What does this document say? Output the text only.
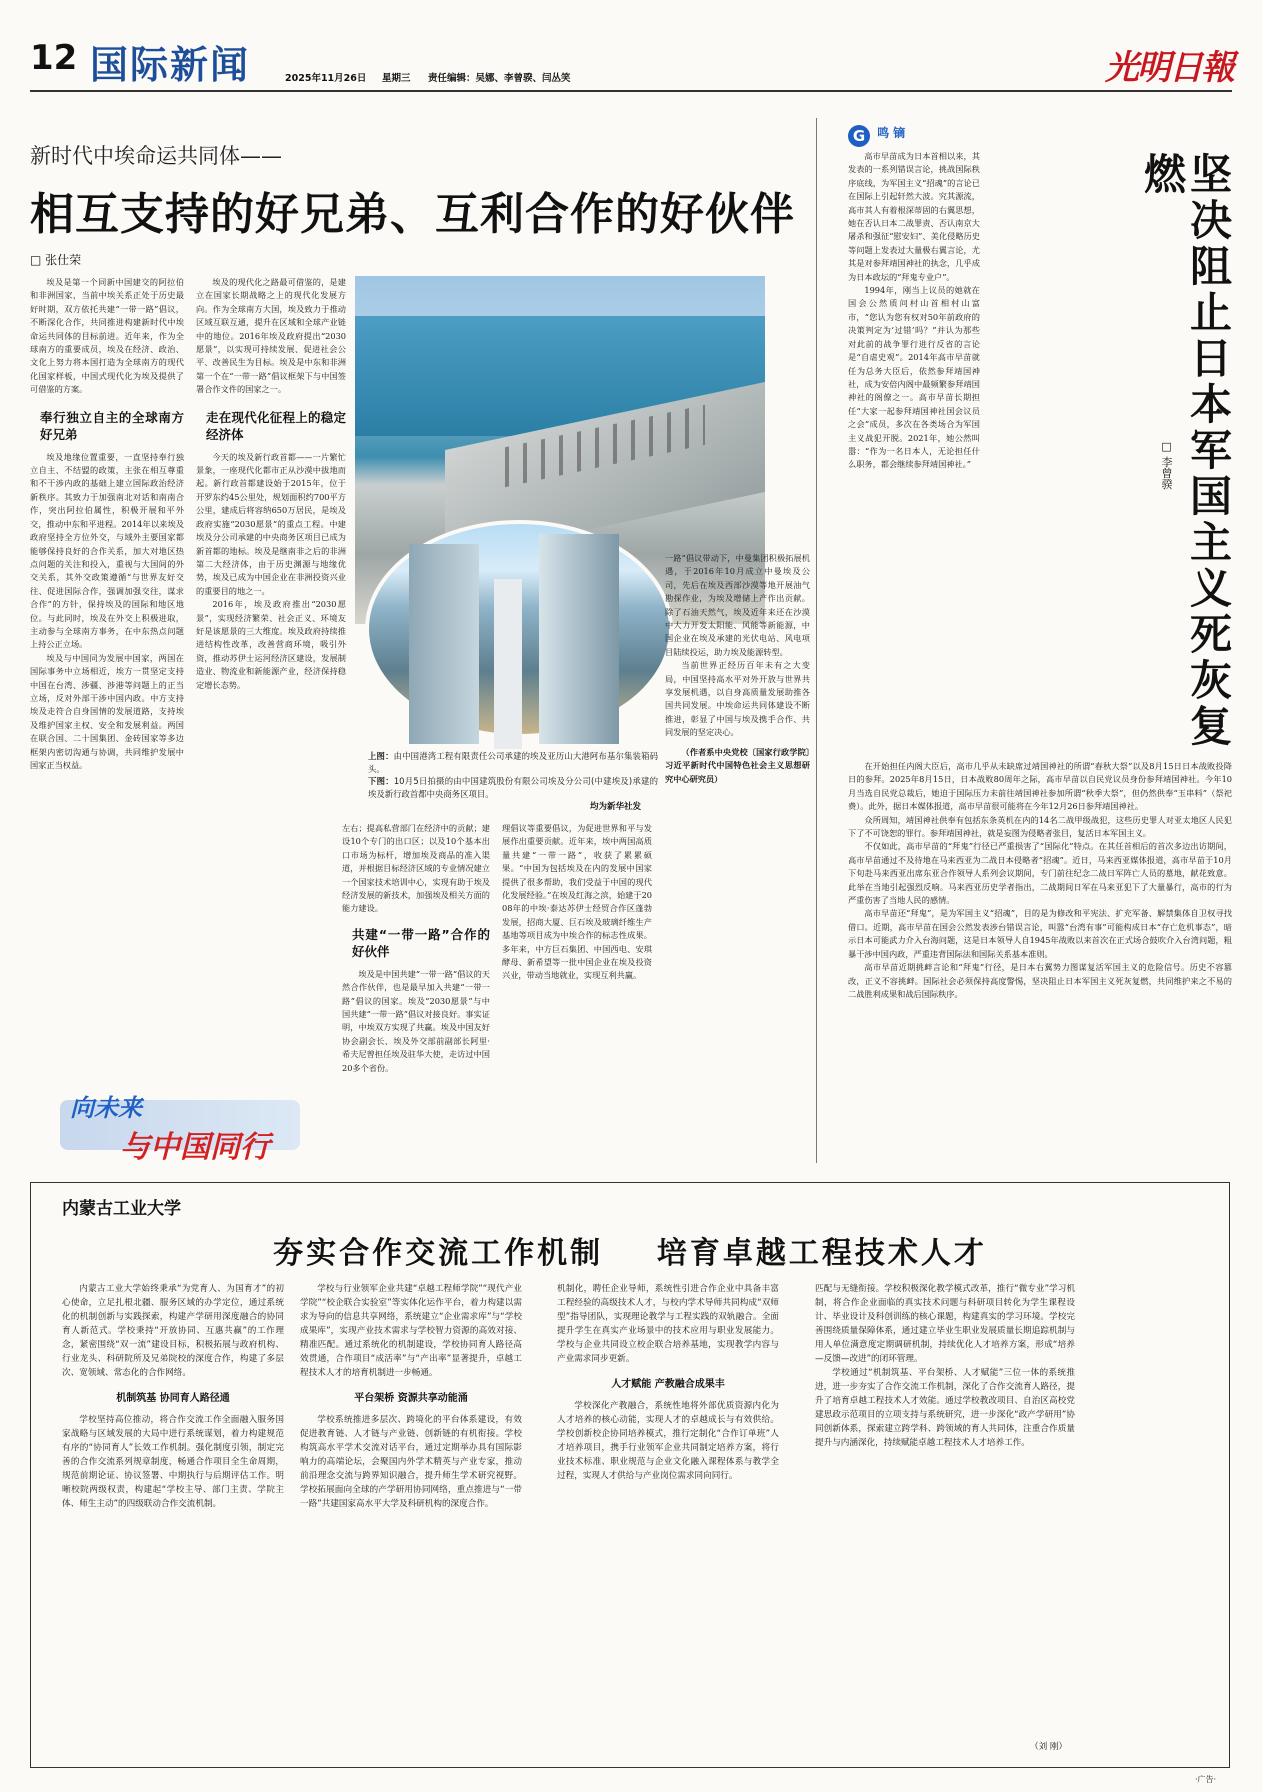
12 国际新闻	2025年11月26日 星期三 责任编辑：吴娜、李曾骙、闫丛笑	光明日報
新时代中埃命运共同体——
相互支持的好兄弟、互利合作的好伙伴
□ 张仕荣

埃及是第一个同新中国建交的阿拉伯和非洲国家，当前中埃关系正处于历史最好时期，双方依托共建“一带一路”倡议，不断深化合作，共同推进构建新时代中埃命运共同体的目标前进。近年来，作为全球南方的重要成员，埃及在经济、政治、文化上努力将本国打造为全球南方的现代化国家样板，中国式现代化为埃及提供了可借鉴的方案。

奉行独立自主的全球南方好兄弟

埃及地缘位置重要，一直坚持奉行独立自主、不结盟的政策，主张在相互尊重和不干涉内政的基础上建立国际政治经济新秩序。其致力于加强南北对话和南南合作，突出阿拉伯属性，积极开展和平外交，推动中东和平进程。2014年以来埃及政府坚持全方位外交，与域外主要国家都能够保持良好的合作关系，加大对地区热点问题的关注和投入，重视与大国间的外交关系，其外交政策遵循“与世界友好交往、促进国际合作，强调加强交往，谋求合作”的方针，保持埃及的国际和地区地位。与此同时，埃及在外交上积极进取，主动参与全球南方事务，在中东热点问题上持公正立场。

埃及与中国同为发展中国家，两国在国际事务中立场相近，埃方一贯坚定支持中国在台湾、涉疆、涉港等问题上的正当立场，反对外部干涉中国内政。中方支持埃及走符合自身国情的发展道路，支持埃及维护国家主权、安全和发展利益。两国在联合国、二十国集团、金砖国家等多边框架内密切沟通与协调，共同维护发展中国家正当权益。

埃及的现代化之路最可借鉴的，是建立在国家长期战略之上的现代化发展方向。作为全球南方大国，埃及致力于推动区域互联互通，提升在区域和全球产业链中的地位。2016年埃及政府提出“2030愿景”，以实现可持续发展、促进社会公平、改善民生为目标。埃及是中东和非洲第一个在“一带一路”倡议框架下与中国签署合作文件的国家之一。

走在现代化征程上的稳定经济体

今天的埃及新行政首都——一片繁忙景象，一座现代化都市正从沙漠中拔地而起。新行政首都建设始于2015年，位于开罗东约45公里处，规划面积约700平方公里，建成后将容纳650万居民，是埃及政府实施“2030愿景”的重点工程。中建埃及分公司承建的中央商务区项目已成为新首都的地标。埃及是继南非之后的非洲第二大经济体，由于历史渊源与地缘优势，埃及已成为中国企业在非洲投资兴业的重要目的地之一。

2016年，埃及政府推出“2030愿景”，实现经济繁荣、社会正义、环境友好是该愿景的三大维度。埃及政府持续推进结构性改革，改善营商环境，吸引外资，推动苏伊士运河经济区建设，发展制造业、物流业和新能源产业，经济保持稳定增长态势。

上图：由中国港湾工程有限责任公司承建的埃及亚历山大港阿布基尔集装箱码头。
下图：10月5日拍摄的由中国建筑股份有限公司埃及分公司(中建埃及)承建的埃及新行政首都中央商务区项目。
均为新华社发

一路”倡议带动下，中曼集团积极拓展机遇，于2016年10月成立中曼埃及公司，先后在埃及西部沙漠等地开展油气勘探作业，为埃及增储上产作出贡献。除了石油天然气，埃及近年来还在沙漠中大力开发太阳能、风能等新能源，中国企业在埃及承建的光伏电站、风电项目陆续投运，助力埃及能源转型。

当前世界正经历百年未有之大变局，中国坚持高水平对外开放与世界共享发展机遇，以自身高质量发展助推各国共同发展。中埃命运共同体建设不断推进，彰显了中国与埃及携手合作、共同发展的坚定决心。

（作者系中央党校〔国家行政学院〕习近平新时代中国特色社会主义思想研究中心研究员）

左右；提高私营部门在经济中的贡献；建设10个专门的出口区；以及10个基本出口市场为标杆，增加埃及商品的准入渠道，并根据目标经济区域的专业情况建立一个国家技术培训中心，实现有助于埃及经济发展的新技术，加强埃及相关方面的能力建设。

共建“一带一路”合作的好伙伴

埃及是中国共建“一带一路”倡议的天然合作伙伴，也是最早加入共建“一带一路”倡议的国家。埃及“2030愿景”与中国共建“一带一路”倡议对接良好。事实证明，中埃双方实现了共赢。埃及中国友好协会副会长、埃及外交部前副部长阿里·希夫尼曾担任埃及驻华大使，走访过中国20多个省份。

理倡议等重要倡议，为促进世界和平与发展作出重要贡献。近年来，埃中两国高质量共建“一带一路”，收获了累累硕果。“中国为包括埃及在内的发展中国家提供了很多帮助，我们受益于中国的现代化发展经验。”在埃及红海之滨，始建于2008年的中埃·泰达苏伊士经贸合作区蓬勃发展，招商大厦、巨石埃及玻璃纤维生产基地等项目成为中埃合作的标志性成果。多年来，中方巨石集团、中国西电、安琪酵母、新希望等一批中国企业在埃及投资兴业，带动当地就业，实现互利共赢。

向未来
与中国同行
G $^{鸣 镝}$
坚决阻止日本军国主义死灰复燃
□ 李曾骙

高市早苗成为日本首相以来，其发表的一系列错误言论，挑战国际秩序底线，为军国主义“招魂”的言论已在国际上引起轩然大波。究其源流，高市其人有着根深蒂固的右翼思想，她在否认日本二战罪责、否认南京大屠杀和强征“慰安妇”、美化侵略历史等问题上发表过大量极右翼言论，尤其是对参拜靖国神社的执念，几乎成为日本政坛的“拜鬼专业户”。

1994年，刚当上议员的她就在国会公然质问村山首相村山富市，“您认为您有权对50年前政府的决策判定为‘过错’吗？”并认为那些对此前的战争罪行进行反省的言论是“自虐史观”。2014年高市早苗就任为总务大臣后，依然参拜靖国神社，成为安倍内阁中最频繁参拜靖国神社的阁僚之一。高市早苗长期担任“大家一起参拜靖国神社国会议员之会”成员，多次在各类场合为军国主义战犯开脱。2021年，她公然叫嚣：“作为一名日本人，无论担任什么职务，都会继续参拜靖国神社。”

在开始担任内阁大臣后，高市几乎从未缺席过靖国神社的所谓“春秋大祭”以及8月15日日本战败投降日的参拜。2025年8月15日，日本战败80周年之际，高市早苗以自民党议员身份参拜靖国神社。今年10月当选自民党总裁后，她迫于国际压力未前往靖国神社参加所谓“秋季大祭”，但仍然供奉“玉串料”（祭祀费）。此外，据日本媒体报道，高市早苗很可能将在今年12月26日参拜靖国神社。

众所周知，靖国神社供奉有包括东条英机在内的14名二战甲级战犯，这些历史罪人对亚太地区人民犯下了不可饶恕的罪行。参拜靖国神社，就是妄图为侵略者张目，复活日本军国主义。

不仅如此，高市早苗的“拜鬼”行径已严重损害了“国际化”特点。在其任首相后的首次多边出访期间，高市早苗通过不及待地在马来西亚为二战日本侵略者“招魂”。近日，马来西亚媒体报道，高市早苗于10月下旬赴马来西亚出席东亚合作领导人系列会议期间，专门前往纪念二战日军阵亡人员的墓地，献花致意。此举在当地引起强烈反响。马来西亚历史学者指出，二战期间日军在马来亚犯下了大量暴行，高市的行为严重伤害了当地人民的感情。

高市早苗还“拜鬼”，是为军国主义“招魂”，目的是为修改和平宪法、扩充军备、解禁集体自卫权寻找借口。近期，高市早苗在国会公然发表涉台错误言论，叫嚣“台湾有事”可能构成日本“存亡危机事态”，暗示日本可能武力介入台海问题，这是日本领导人自1945年战败以来首次在正式场合鼓吹介入台湾问题，粗暴干涉中国内政，严重违背国际法和国际关系基本准则。

高市早苗近期挑衅言论和“拜鬼”行径，是日本右翼势力图谋复活军国主义的危险信号。历史不容篡改，正义不容挑衅。国际社会必须保持高度警惕，坚决阻止日本军国主义死灰复燃，共同维护来之不易的二战胜利成果和战后国际秩序。

内蒙古工业大学
夯实合作交流工作机制    培育卓越工程技术人才

内蒙古工业大学始终秉承“为党育人、为国育才”的初心使命，立足扎根北疆、服务区域的办学定位，通过系统化的机制创新与实践探索，构建产学研用深度融合的协同育人新范式。学校秉持“开放协同、互惠共赢”的工作理念，紧密围绕“双一流”建设目标，积极拓展与政府机构、行业龙头、科研院所及兄弟院校的深度合作，构建了多层次、宽领域、常态化的合作网络。

机制筑基 协同育人路径通

学校坚持高位推动，将合作交流工作全面融入服务国家战略与区域发展的大局中进行系统谋划，着力构建规范有序的“协同育人”长效工作机制。强化制度引领，制定完善的合作交流系列规章制度，畅通合作项目全生命周期，规范前期论证、协议签署、中期执行与后期评估工作。明晰校院两级权责，构建起“学校主导、部门主责、学院主体、师生主动”的四级联动合作交流机制。

学校与行业领军企业共建“卓越工程师学院”“现代产业学院”“校企联合实验室”等实体化运作平台，着力构建以需求为导向的信息共享网络，系统建立“企业需求库”与“学校成果库”，实现产业技术需求与学校智力资源的高效对接、精准匹配。通过系统化的机制建设，学校协同育人路径高效贯通，合作项目“成活率”与“产出率”显著提升，卓越工程技术人才的培育机制进一步畅通。

平台架桥 资源共享动能涌

学校系统推进多层次、跨境化的平台体系建设，有效促进教育链、人才链与产业链、创新链的有机衔接。学校构筑高水平学术交流对话平台，通过定期举办具有国际影响力的高端论坛，会聚国内外学术精英与产业专家，推动前沿理念交流与跨界知识融合，提升师生学术研究视野。学校拓展面向全球的产学研用协同网络，重点推进与“一带一路”共建国家高水平大学及科研机构的深度合作。

机制化，聘任企业导师，系统性引进合作企业中具备丰富工程经验的高级技术人才，与校内学术导师共同构成“双师型”指导团队，实现理论教学与工程实践的双轨融合。全面提升学生在真实产业场景中的技术应用与职业发展能力。学校与企业共同设立校企联合培养基地，实现教学内容与产业需求同步更新。

人才赋能 产教融合成果丰

学校深化产教融合，系统性地将外部优质资源内化为人才培养的核心动能，实现人才的卓越成长与有效供给。学校创新校企协同培养模式，推行定制化“合作订单班”人才培养项目，携手行业领军企业共同制定培养方案，将行业技术标准、职业规范与企业文化融入课程体系与教学全过程，实现人才供给与产业岗位需求同向同行。

匹配与无缝衔接。学校积极深化教学模式改革，推行“微专业”学习机制，将合作企业面临的真实技术问题与科研项目转化为学生课程设计、毕业设计及科创训练的核心课题，构建真实的学习环境。学校完善围绕质量保障体系，通过建立毕业生职业发展质量长期追踪机制与用人单位满意度定期调研机制，持续优化人才培养方案，形成“培养—反馈—改进”的闭环管理。

学校通过“机制筑基、平台架桥、人才赋能”三位一体的系统推进，进一步夯实了合作交流工作机制，深化了合作交流育人路径，提升了培育卓越工程技术人才效能。通过学校教改项目、自治区高校党建思政示范项目的立项支持与系统研究，进一步深化“政产学研用”协同创新体系，探索建立跨学科、跨领域的育人共同体，注重合作质量提升与内涵深化，持续赋能卓越工程技术人才培养工作。

（刘 刚）
·广告·
